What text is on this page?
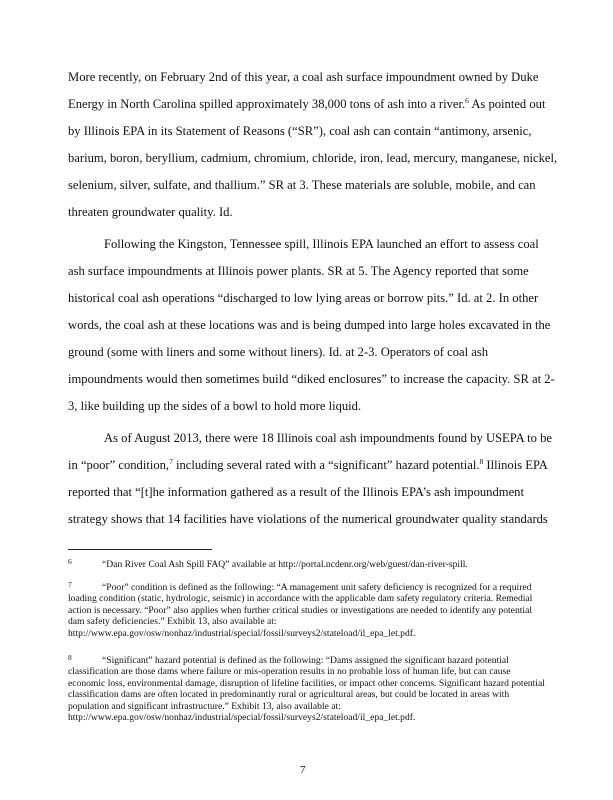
More recently, on February 2nd of this year, a coal ash surface impoundment owned by Duke
Energy in North Carolina spilled approximately 38,000 tons of ash into a river.$^6$ As pointed out
by Illinois EPA in its Statement of Reasons (“SR”), coal ash can contain “antimony, arsenic,
barium, boron, beryllium, cadmium, chromium, chloride, iron, lead, mercury, manganese, nickel,
selenium, silver, sulfate, and thallium.” SR at 3. These materials are soluble, mobile, and can
threaten groundwater quality. Id.
Following the Kingston, Tennessee spill, Illinois EPA launched an effort to assess coal
ash surface impoundments at Illinois power plants. SR at 5. The Agency reported that some
historical coal ash operations “discharged to low lying areas or borrow pits.” Id. at 2. In other
words, the coal ash at these locations was and is being dumped into large holes excavated in the
ground (some with liners and some without liners). Id. at 2-3. Operators of coal ash
impoundments would then sometimes build “diked enclosures” to increase the capacity. SR at 2-
3, like building up the sides of a bowl to hold more liquid.
As of August 2013, there were 18 Illinois coal ash impoundments found by USEPA to be
in “poor” condition,$^7$ including several rated with a “significant” hazard potential.$^8$ Illinois EPA
reported that “[t]he information gathered as a result of the Illinois EPA’s ash impoundment
strategy shows that 14 facilities have violations of the numerical groundwater quality standards
6	“Dan River Coal Ash Spill FAQ” available at http://portal.ncdenr.org/web/guest/dan-river-spill.
7	“Poor” condition is defined as the following: “A management unit safety deficiency is recognized for a required loading condition (static, hydrologic, seismic) in accordance with the applicable dam safety regulatory criteria. Remedial action is necessary. “Poor” also applies when further critical studies or investigations are needed to identify any potential dam safety deficiencies.” Exhibit 13, also available at: http://www.epa.gov/osw/nonhaz/industrial/special/fossil/surveys2/stateload/il_epa_let.pdf.
8	“Significant” hazard potential is defined as the following: “Dams assigned the significant hazard potential classification are those dams where failure or mis-operation results in no probable loss of human life, but can cause economic loss, environmental damage, disruption of lifeline facilities, or impact other concerns. Significant hazard potential classification dams are often located in predominantly rural or agricultural areas, but could be located in areas with population and significant infrastructure.” Exhibit 13, also available at: http://www.epa.gov/osw/nonhaz/industrial/special/fossil/surveys2/stateload/il_epa_let.pdf.
7
